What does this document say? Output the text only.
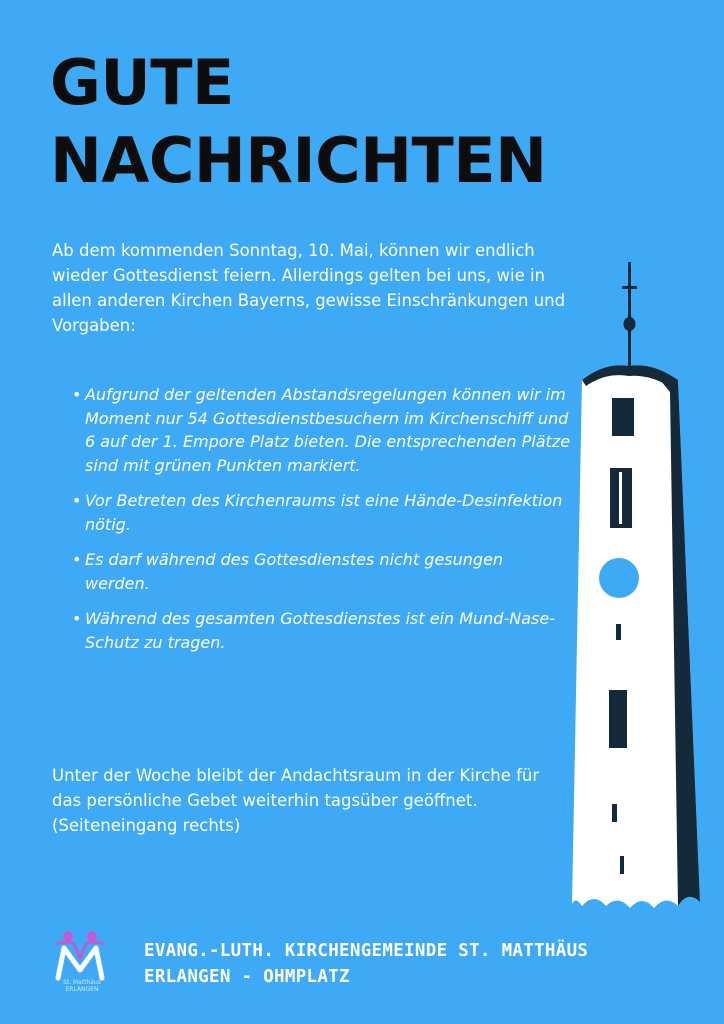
GUTE
NACHRICHTEN

Ab dem kommenden Sonntag, 10. Mai, können wir endlich wieder Gottesdienst feiern. Allerdings gelten bei uns, wie in allen anderen Kirchen Bayerns, gewisse Einschränkungen und Vorgaben:

• Aufgrund der geltenden Abstandsregelungen können wir im Moment nur 54 Gottesdienstbesuchern im Kirchenschiff und 6 auf der 1. Empore Platz bieten. Die entsprechenden Plätze sind mit grünen Punkten markiert.
• Vor Betreten des Kirchenraums ist eine Hände-Desinfektion nötig.
• Es darf während des Gottesdienstes nicht gesungen werden.
• Während des gesamten Gottesdienstes ist ein Mund-Nase-Schutz zu tragen.

Unter der Woche bleibt der Andachtsraum in der Kirche für das persönliche Gebet weiterhin tagsüber geöffnet. (Seiteneingang rechts)

St. Matthäus
ERLANGEN
EVANG.-LUTH. KIRCHENGEMEINDE ST. MATTHÄUS
ERLANGEN - OHMPLATZ
